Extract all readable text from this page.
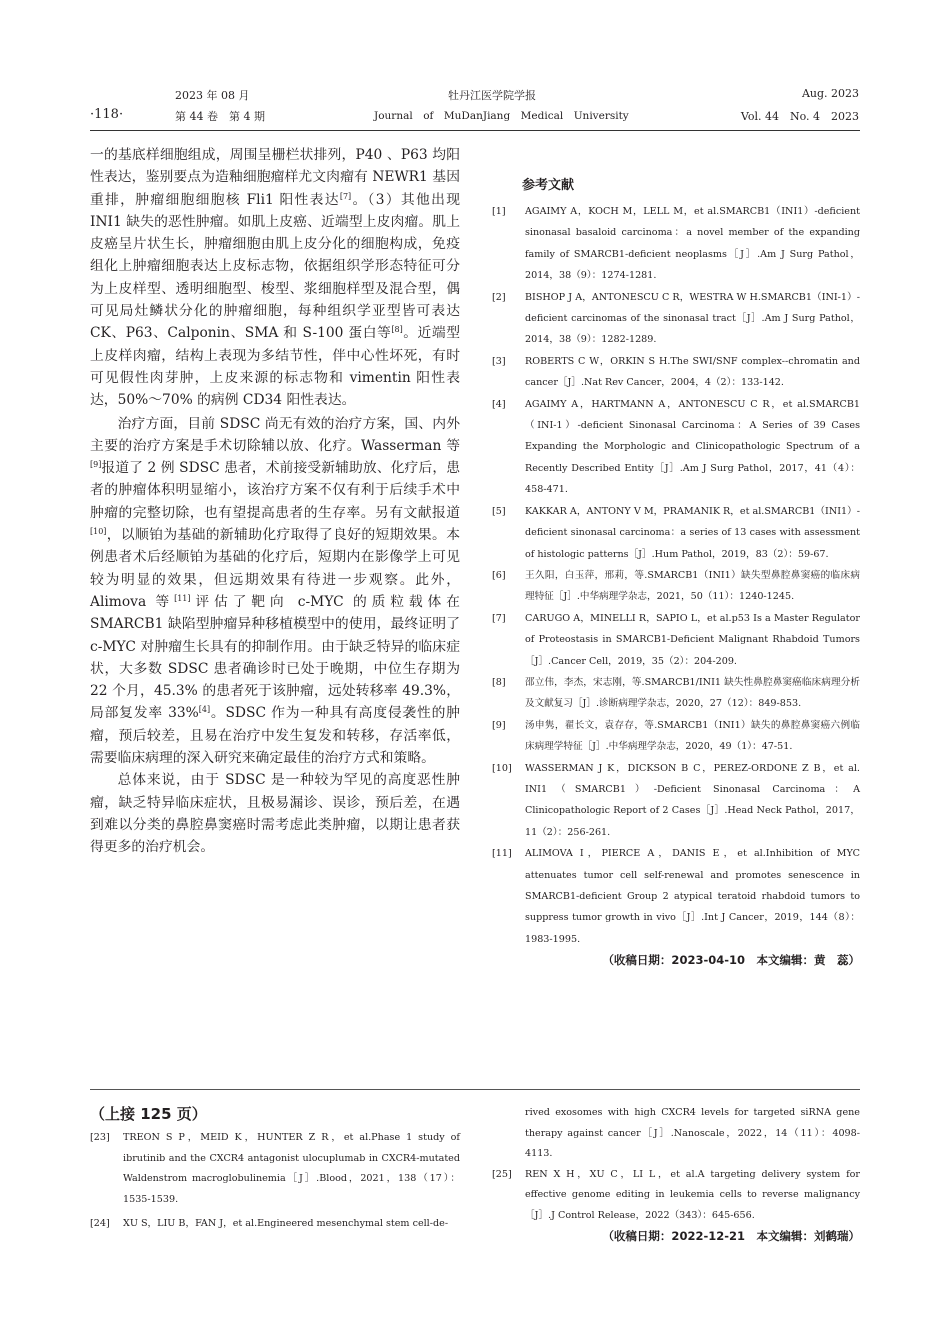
2023 年 08 月
·118·	第 44 卷　第 4 期
牡丹江医学院学报
Journal　of　MuDanJiang　Medical　University
Aug. 2023
Vol. 44　No. 4　2023

一的基底样细胞组成，周围呈栅栏状排列，P40 、P63 均阳性表达，鉴别要点为造釉细胞瘤样尤文肉瘤有 NEWR1 基因重排，肿瘤细胞细胞核 Fli1 阳性表达[7]。（3）其他出现 INI1 缺失的恶性肿瘤。如肌上皮癌、近端型上皮肉瘤。肌上皮癌呈片状生长，肿瘤细胞由肌上皮分化的细胞构成，免疫组化上肿瘤细胞表达上皮标志物，依据组织学形态特征可分为上皮样型、透明细胞型、梭型、浆细胞样型及混合型，偶可见局灶鳞状分化的肿瘤细胞，每种组织学亚型皆可表达 CK、P63、Calponin、SMA 和 S-100 蛋白等[8]。近端型上皮样肉瘤，结构上表现为多结节性，伴中心性坏死，有时可见假性肉芽肿，上皮来源的标志物和 vimentin 阳性表达，50%～70% 的病例 CD34 阳性表达。

治疗方面，目前 SDSC 尚无有效的治疗方案，国、内外主要的治疗方案是手术切除辅以放、化疗。Wasserman 等[9]报道了 2 例 SDSC 患者，术前接受新辅助放、化疗后，患者的肿瘤体积明显缩小，该治疗方案不仅有利于后续手术中肿瘤的完整切除，也有望提高患者的生存率。另有文献报道[10]，以顺铂为基础的新辅助化疗取得了良好的短期效果。本例患者术后经顺铂为基础的化疗后，短期内在影像学上可见较为明显的效果，但远期效果有待进一步观察。此外，Alimova 等[11]评估了靶向 c-MYC 的质粒载体在 SMARCB1 缺陷型肿瘤异种移植模型中的使用，最终证明了 c-MYC 对肿瘤生长具有的抑制作用。由于缺乏特异的临床症状，大多数 SDSC 患者确诊时已处于晚期，中位生存期为 22 个月，45.3% 的患者死于该肿瘤，远处转移率 49.3%，局部复发率 33%[4]。SDSC 作为一种具有高度侵袭性的肿瘤，预后较差，且易在治疗中发生复发和转移，存活率低，需要临床病理的深入研究来确定最佳的治疗方式和策略。

总体来说，由于 SDSC 是一种较为罕见的高度恶性肿瘤，缺乏特异临床症状，且极易漏诊、误诊，预后差，在遇到难以分类的鼻腔鼻窦癌时需考虑此类肿瘤，以期让患者获得更多的治疗机会。

参考文献
[1] AGAIMY A，KOCH M，LELL M，et al.SMARCB1（INI1）-deficient sinonasal basaloid carcinoma：a novel member of the expanding family of SMARCB1-deficient neoplasms［J］.Am J Surg Pathol，2014，38（9）：1274-1281.
[2] BISHOP J A，ANTONESCU C R，WESTRA W H.SMARCB1（INI-1）-deficient carcinomas of the sinonasal tract［J］.Am J Surg Pathol，2014，38（9）：1282-1289.
[3] ROBERTS C W，ORKIN S H.The SWI/SNF complex--chromatin and cancer［J］.Nat Rev Cancer，2004，4（2）：133-142.
[4] AGAIMY A，HARTMANN A，ANTONESCU C R，et al.SMARCB1（INI-1）-deficient Sinonasal Carcinoma：A Series of 39 Cases Expanding the Morphologic and Clinicopathologic Spectrum of a Recently Described Entity［J］.Am J Surg Pathol，2017，41（4）：458-471.
[5] KAKKAR A，ANTONY V M，PRAMANIK R，et al.SMARCB1（INI1）-deficient sinonasal carcinoma：a series of 13 cases with assessment of histologic patterns［J］.Hum Pathol，2019，83（2）：59-67.
[6] 王久阳，白玉萍，邢莉，等.SMARCB1（INI1）缺失型鼻腔鼻窦癌的临床病理特征［J］.中华病理学杂志，2021，50（11）：1240-1245.
[7] CARUGO A，MINELLI R，SAPIO L，et al.p53 Is a Master Regulator of Proteostasis in SMARCB1-Deficient Malignant Rhabdoid Tumors［J］.Cancer Cell，2019，35（2）：204-209.
[8] 邵立伟，李杰，宋志刚，等.SMARCB1/INI1 缺失性鼻腔鼻窦癌临床病理分析及文献复习［J］.诊断病理学杂志，2020，27（12）：849-853.
[9] 汤申隽，翟长文，袁存存，等.SMARCB1（INI1）缺失的鼻腔鼻窦癌六例临床病理学特征［J］.中华病理学杂志，2020，49（1）：47-51.
[10] WASSERMAN J K，DICKSON B C，PEREZ-ORDONE Z B，et al. INI1（SMARCB1）-Deficient Sinonasal Carcinoma：A Clinicopathologic Report of 2 Cases［J］.Head Neck Pathol，2017，11（2）：256-261.
[11] ALIMOVA I，PIERCE A，DANIS E，et al.Inhibition of MYC attenuates tumor cell self-renewal and promotes senescence in SMARCB1-deficient Group 2 atypical teratoid rhabdoid tumors to suppress tumor growth in vivo［J］.Int J Cancer，2019，144（8）：1983-1995.
（收稿日期：2023-04-10　本文编辑：黄　蕊）
（上接 125 页）
[23] TREON S P，MEID K，HUNTER Z R，et al.Phase 1 study of ibrutinib and the CXCR4 antagonist ulocuplumab in CXCR4-mutated Waldenstrom macroglobulinemia［J］.Blood，2021，138（17）：1535-1539.
[24] XU S，LIU B，FAN J，et al.Engineered mesenchymal stem cell-de-
rived exosomes with high CXCR4 levels for targeted siRNA gene therapy against cancer［J］.Nanoscale，2022，14（11）：4098-4113.
[25] REN X H，XU C，LI L，et al.A targeting delivery system for effective genome editing in leukemia cells to reverse malignancy［J］.J Control Release，2022（343）：645-656.
（收稿日期：2022-12-21　本文编辑：刘鹤瑞）
